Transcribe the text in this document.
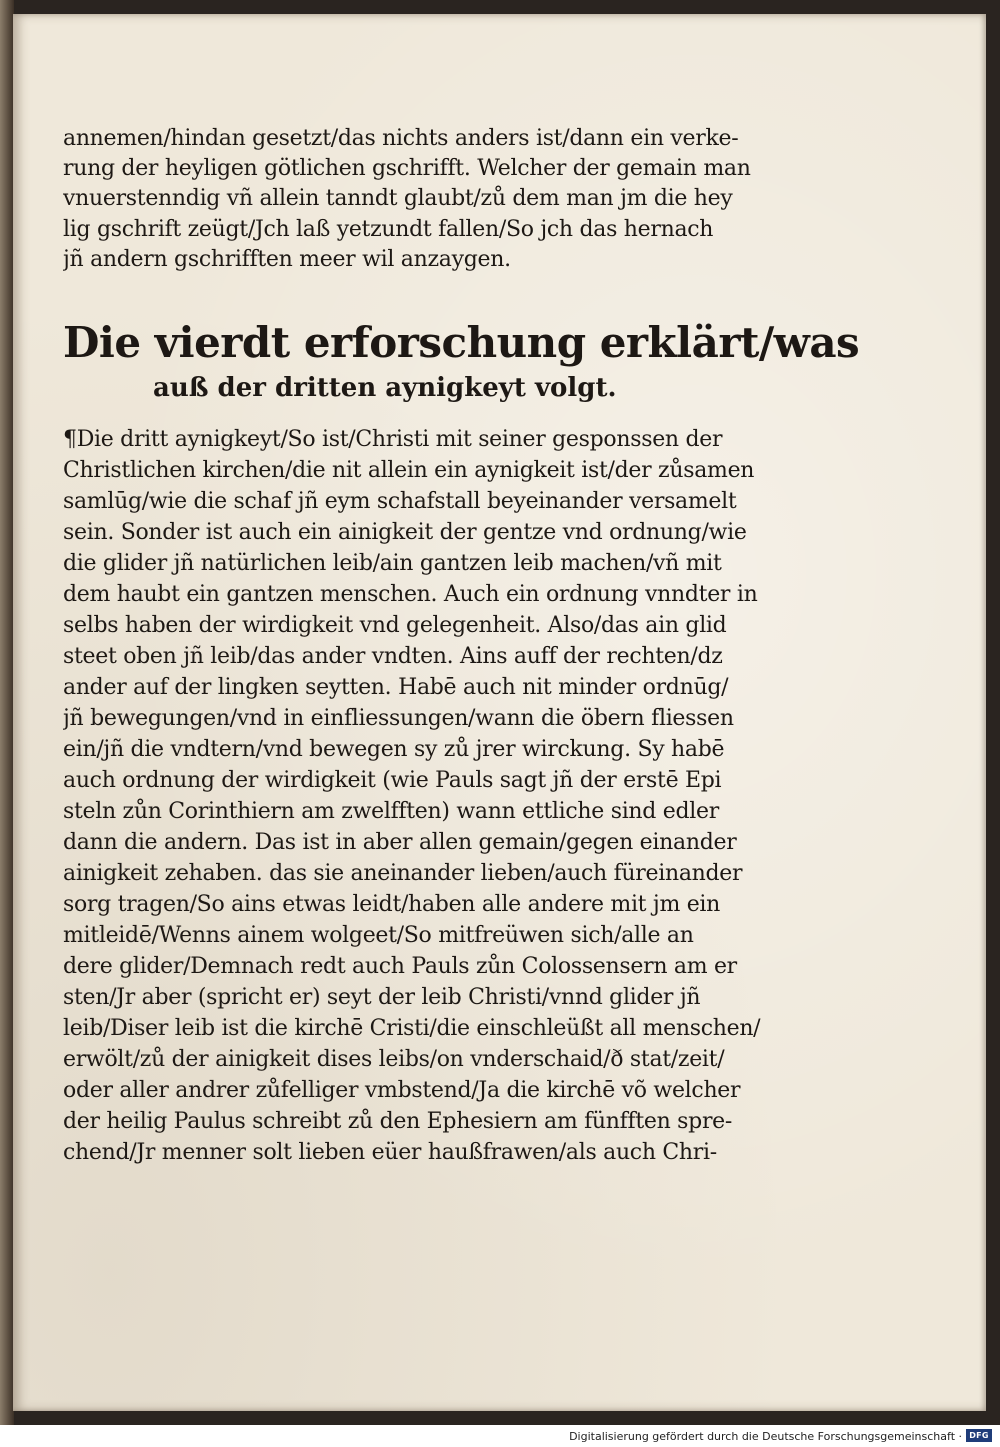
annemen/hindan gesetzt/das nichts anders ist/dann ein verke-
rung der heyligen götlichen gschrifft. Welcher der gemain man
vnuerstenndig vñ allein tanndt glaubt/zů dem man jm die hey
lig gschrift zeügt/Jch laß yetzundt fallen/So jch das hernach
jñ andern gschrifften meer wil anzaygen.
Die vierdt erforschung erklärt/was
auß der dritten aynigkeyt volgt.
¶Die dritt aynigkeyt/So ist/Christi mit seiner gesponssen der
Christlichen kirchen/die nit allein ein aynigkeit ist/der zůsamen
samlūg/wie die schaf jñ eym schafstall beyeinander versamelt
sein. Sonder ist auch ein ainigkeit der gentze vnd ordnung/wie
die glider jñ natürlichen leib/ain gantzen leib machen/vñ mit
dem haubt ein gantzen menschen. Auch ein ordnung vnndter in
selbs haben der wirdigkeit vnd gelegenheit. Also/das ain glid
steet oben jñ leib/das ander vndten. Ains auff der rechten/dz
ander auf der lingken seytten. Habē auch nit minder ordnūg/
jñ bewegungen/vnd in einfliessungen/wann die öbern fliessen
ein/jñ die vndtern/vnd bewegen sy zů jrer wirckung. Sy habē
auch ordnung der wirdigkeit (wie Pauls sagt jñ der erstē Epi
steln zůn Corinthiern am zwelfften) wann ettliche sind edler
dann die andern. Das ist in aber allen gemain/gegen einander
ainigkeit zehaben. das sie aneinander lieben/auch füreinander
sorg tragen/So ains etwas leidt/haben alle andere mit jm ein
mitleidē/Wenns ainem wolgeet/So mitfreüwen sich/alle an
dere glider/Demnach redt auch Pauls zůn Colossensern am er
sten/Jr aber (spricht er) seyt der leib Christi/vnnd glider jñ
leib/Diser leib ist die kirchē Cristi/die einschleüßt all menschen/
erwölt/zů der ainigkeit dises leibs/on vnderschaid/ð stat/zeit/
oder aller andrer zůfelliger vmbstend/Ja die kirchē võ welcher
der heilig Paulus schreibt zů den Ephesiern am fünfften spre-
chend/Jr menner solt lieben eüer haußfrawen/als auch Chri-
Digitalisierung gefördert durch die Deutsche Forschungsgemeinschaft · DFG
